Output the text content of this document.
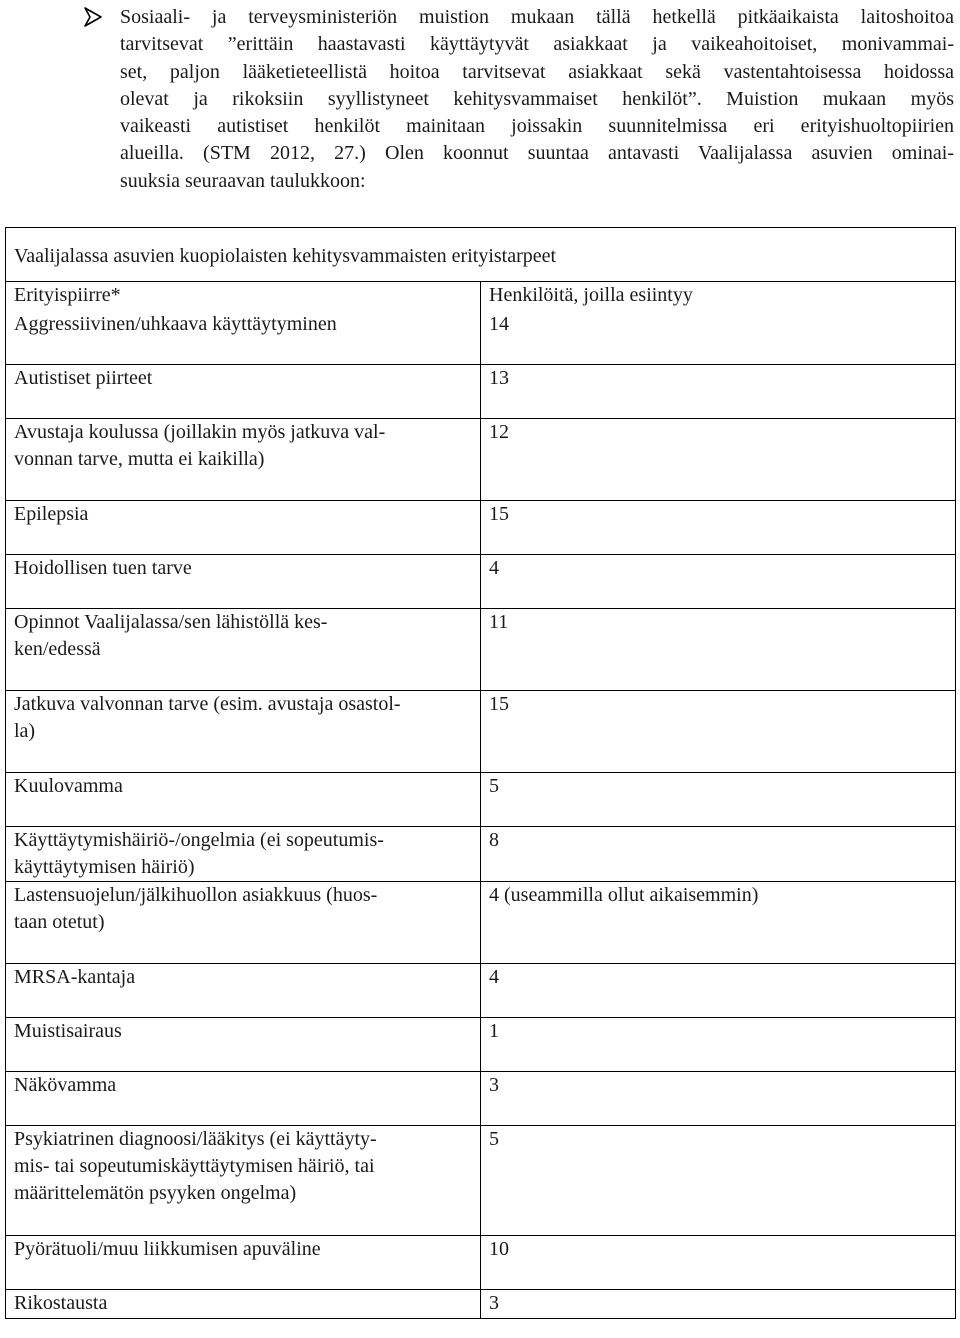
Sosiaali- ja terveysministeriön muistion mukaan tällä hetkellä pitkäaikaista laitoshoitoa
tarvitsevat ”erittäin haastavasti käyttäytyvät asiakkaat ja vaikeahoitoiset, monivammai-
set, paljon lääketieteellistä hoitoa tarvitsevat asiakkaat sekä vastentahtoisessa hoidossa
olevat ja rikoksiin syyllistyneet kehitysvammaiset henkilöt”. Muistion mukaan myös
vaikeasti autistiset henkilöt mainitaan joissakin suunnitelmissa eri erityishuoltopiirien
alueilla. (STM 2012, 27.) Olen koonnut suuntaa antavasti Vaalijalassa asuvien ominai-
suuksia seuraavan taulukkoon:
Vaalijalassa asuvien kuopiolaisten kehitysvammaisten erityistarpeet	
Erityispiirre*	Henkilöitä, joilla esiintyy
Aggressiivinen/uhkaava käyttäytyminen	14
Autistiset piirteet	13
Avustaja koulussa (joillakin myös jatkuva val-
vonnan tarve, mutta ei kaikilla)	12
Epilepsia	15
Hoidollisen tuen tarve	4
Opinnot Vaalijalassa/sen lähistöllä kes-
ken/edessä	11
Jatkuva valvonnan tarve (esim. avustaja osastol-
la)	15
Kuulovamma	5
Käyttäytymishäiriö-/ongelmia (ei sopeutumis-
käyttäytymisen häiriö)	8
Lastensuojelun/jälkihuollon asiakkuus (huos-
taan otetut)	4 (useammilla ollut aikaisemmin)
MRSA-kantaja	4
Muistisairaus	1
Näkövamma	3
Psykiatrinen diagnoosi/lääkitys (ei käyttäyty-
mis- tai sopeutumiskäyttäytymisen häiriö, tai
määrittelemätön psyyken ongelma)	5
Pyörätuoli/muu liikkumisen apuväline	10
Rikostausta	3
